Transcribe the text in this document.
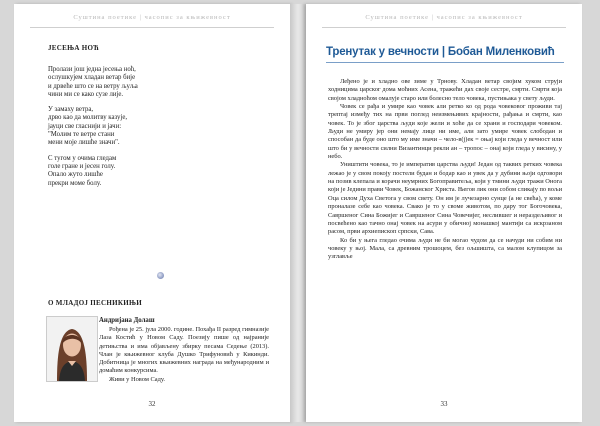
Суштина поетике | часопис за књижевност
ЈЕСЕЊА НОЋ
Пролази још једна јесења ноћ,
ослушкујем хладан ветар бије
и дрвеће што се на ветру љуља
чини ми се како сузе лије.
У замаху ветра,
дрво као да молитву казује,
јауци све гласнији и јачи:
"Молим те ветре стани
мени моје лишће значи".
С тугом у очима гледам
голе гране и јесен голу.
Опало жуто лишће
прекри моме болу.
О МЛАДОЈ ПЕСНИКИЊИ
Андријана Долаш

Рођена је 25. јула 2000. године. Похађа II разред гимназије Лаза Костић у Новом Саду. Поезију пише од најраније детињства и има објављену збирку песама Седење (2013). Члан је књижевног клуба Душко Трифуновић у Кикинди. Добитница је многих књижевних награда на међународним и домаћим конкурсима.

Живи у Новом Саду.

32
Суштина поетике | часопис за књижевност
Тренутак у вечности | Бобан Миленковић

Леђено је и хладно ове зиме у Трнову. Хладан ветар својим хуком струји ходницима царског дома моћних Асена, тражећи дах своје сестре, смрти. Смрти која својом хладноћом омалује старо или болесно тело човека, пустињака у свету људи.

Човек се рађа и умире као човек али ретко ко од рода човековог проживи тај трептај између тих на први поглед неизмењивих крајности, рађања и смрти, као човек. То је због царства људи које жели и хоће да се храни и господари човеком. Људи не умиру јер они немају лице ни име, али зато умире човек слободан и способан да буде оно што му име значи – чело-в(ј)ек = оњај који гледа у вечност или што би у вечности силни Византинци рекли ан – тропос – онај који гледа у висину, у небо.

Уништити човека, то је императив царства људи! Један од таквих ретких човека лежао је у свом покоју постели будан и бодар као и увек да у дубини њоји одговори на позив клепала и корачи неумрних Богоправитеља, који у тмини људи тражи Онога који је Једини прави Човек, Божанског Христа. Његов лик они собом сликају по вољи Оца силом Духа Светога у свом свету. Он им је лучезарно сунце (а не свећа), у коме проналазе себе као човека. Свако је то у своме животом, по дару тог Богочовека, Савршеног Сина Божијег и Савршеног Сина Човечијег, неслившег и нераздељивог и посвећено као тачно онај човек на асури у обичној монашкој мантији са искрзаном расом, први архиепископ српски, Сава.

Ко би у њега гледао очима људи не би могао чудом да се начуди ни собим ни човеку у њој. Мала, са древним трошоцем, без ољшишта, са малом клупицом за узглавље

33
